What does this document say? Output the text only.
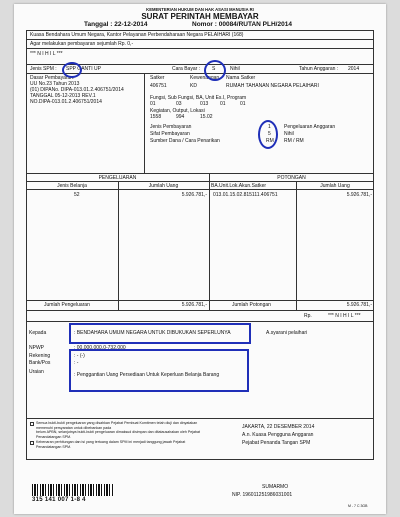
KEMENTERIAN HUKUM DAN HAK ASASI MANUSIA RI
SURAT PERINTAH MEMBAYAR
Tanggal : 22-12-2014	Nomor : 00084/RUTAN PLH/2014
Kuasa Bendahara Umum Negara, Kantor Pelayanan Perbendaharaan Negara PELAIHARI (168)
Agar melakukan pembayaran sejumlah Rp. 0,-
*** N I H I L ***
Jenis SPM : SPP GANTI UP	Cara Bayar : S	Nihil	Tahun Anggaran : 2014
Dasar Pembayaran:
UU No.23 Tahun 2013
(01) DIPANo. DIPA-013.01.2.406751/2014
TANGGAL 05-12-2013 REV.1
NO.DIPA-013.01.2.406751/2014
Satker	Kewenangan Nama Satker
406751	KD	RUMAH TAHANAN NEGARA PELAIHARI
Fungsi, Sub Fungsi, BA, Unit Es.I, Program
01	03	013 01	01
Kegiatan, Output, Lokasi
1558	994	15.02
Jenis Pembayaran	1	Pengeluaran Anggaran
Sifat Pembayaran	5	Nihil
Sumber Dana / Cara Penarikan	RM RM / RM
PENGELUARAN	POTONGAN
Jenis Belanja	Jumlah Uang	BA.Unit.Lok.Akun.Satker	Jumlah Uang
52	5.926.781,- 013.01.15.02.815111.406751	5.926.781,-
Jumlah Pengeluaran	5.926.781,-	Jumlah Potongan	5.926.781,-
Rp.	*** N I H I L ***
Kepada	: BENDAHARA UMUM NEGARA UNTUK DIBUKUKAN SEPERLUNYA	A.syarani pelaihari
NPWP	: 00.000.000.0-732.000
Rekening	: - (-)
Bank/Pos	: -
Uraian	: Penggantian Uang Persediaan Untuk Keperluan Belanja Barang
Semua bukti-bukti pengeluaran yang disahkan Pejabat Pembuat Komitmen telah diuji dan dinyatakan memenuhi persyaratan untuk dibebankan pada
belum APBN, selanjutnya bukti-bukti pengeluaran dimaksud disimpan dan ditatausahakan oleh Pejabat Penandatangan SPM.
Kebenaran perhitungan dan isi yang tertuang dalam SPM ini menjadi tanggung jawab Pejabat Penandatangan SPM.
JAKARTA, 22 DESEMBER 2014
A.n. Kuasa Pengguna Anggaran
Pejabat Penanda Tangan SPM
SUMARMO
NIP. 196011251986031001
315 141 007 1-8 4
M - 7 C 3GB
